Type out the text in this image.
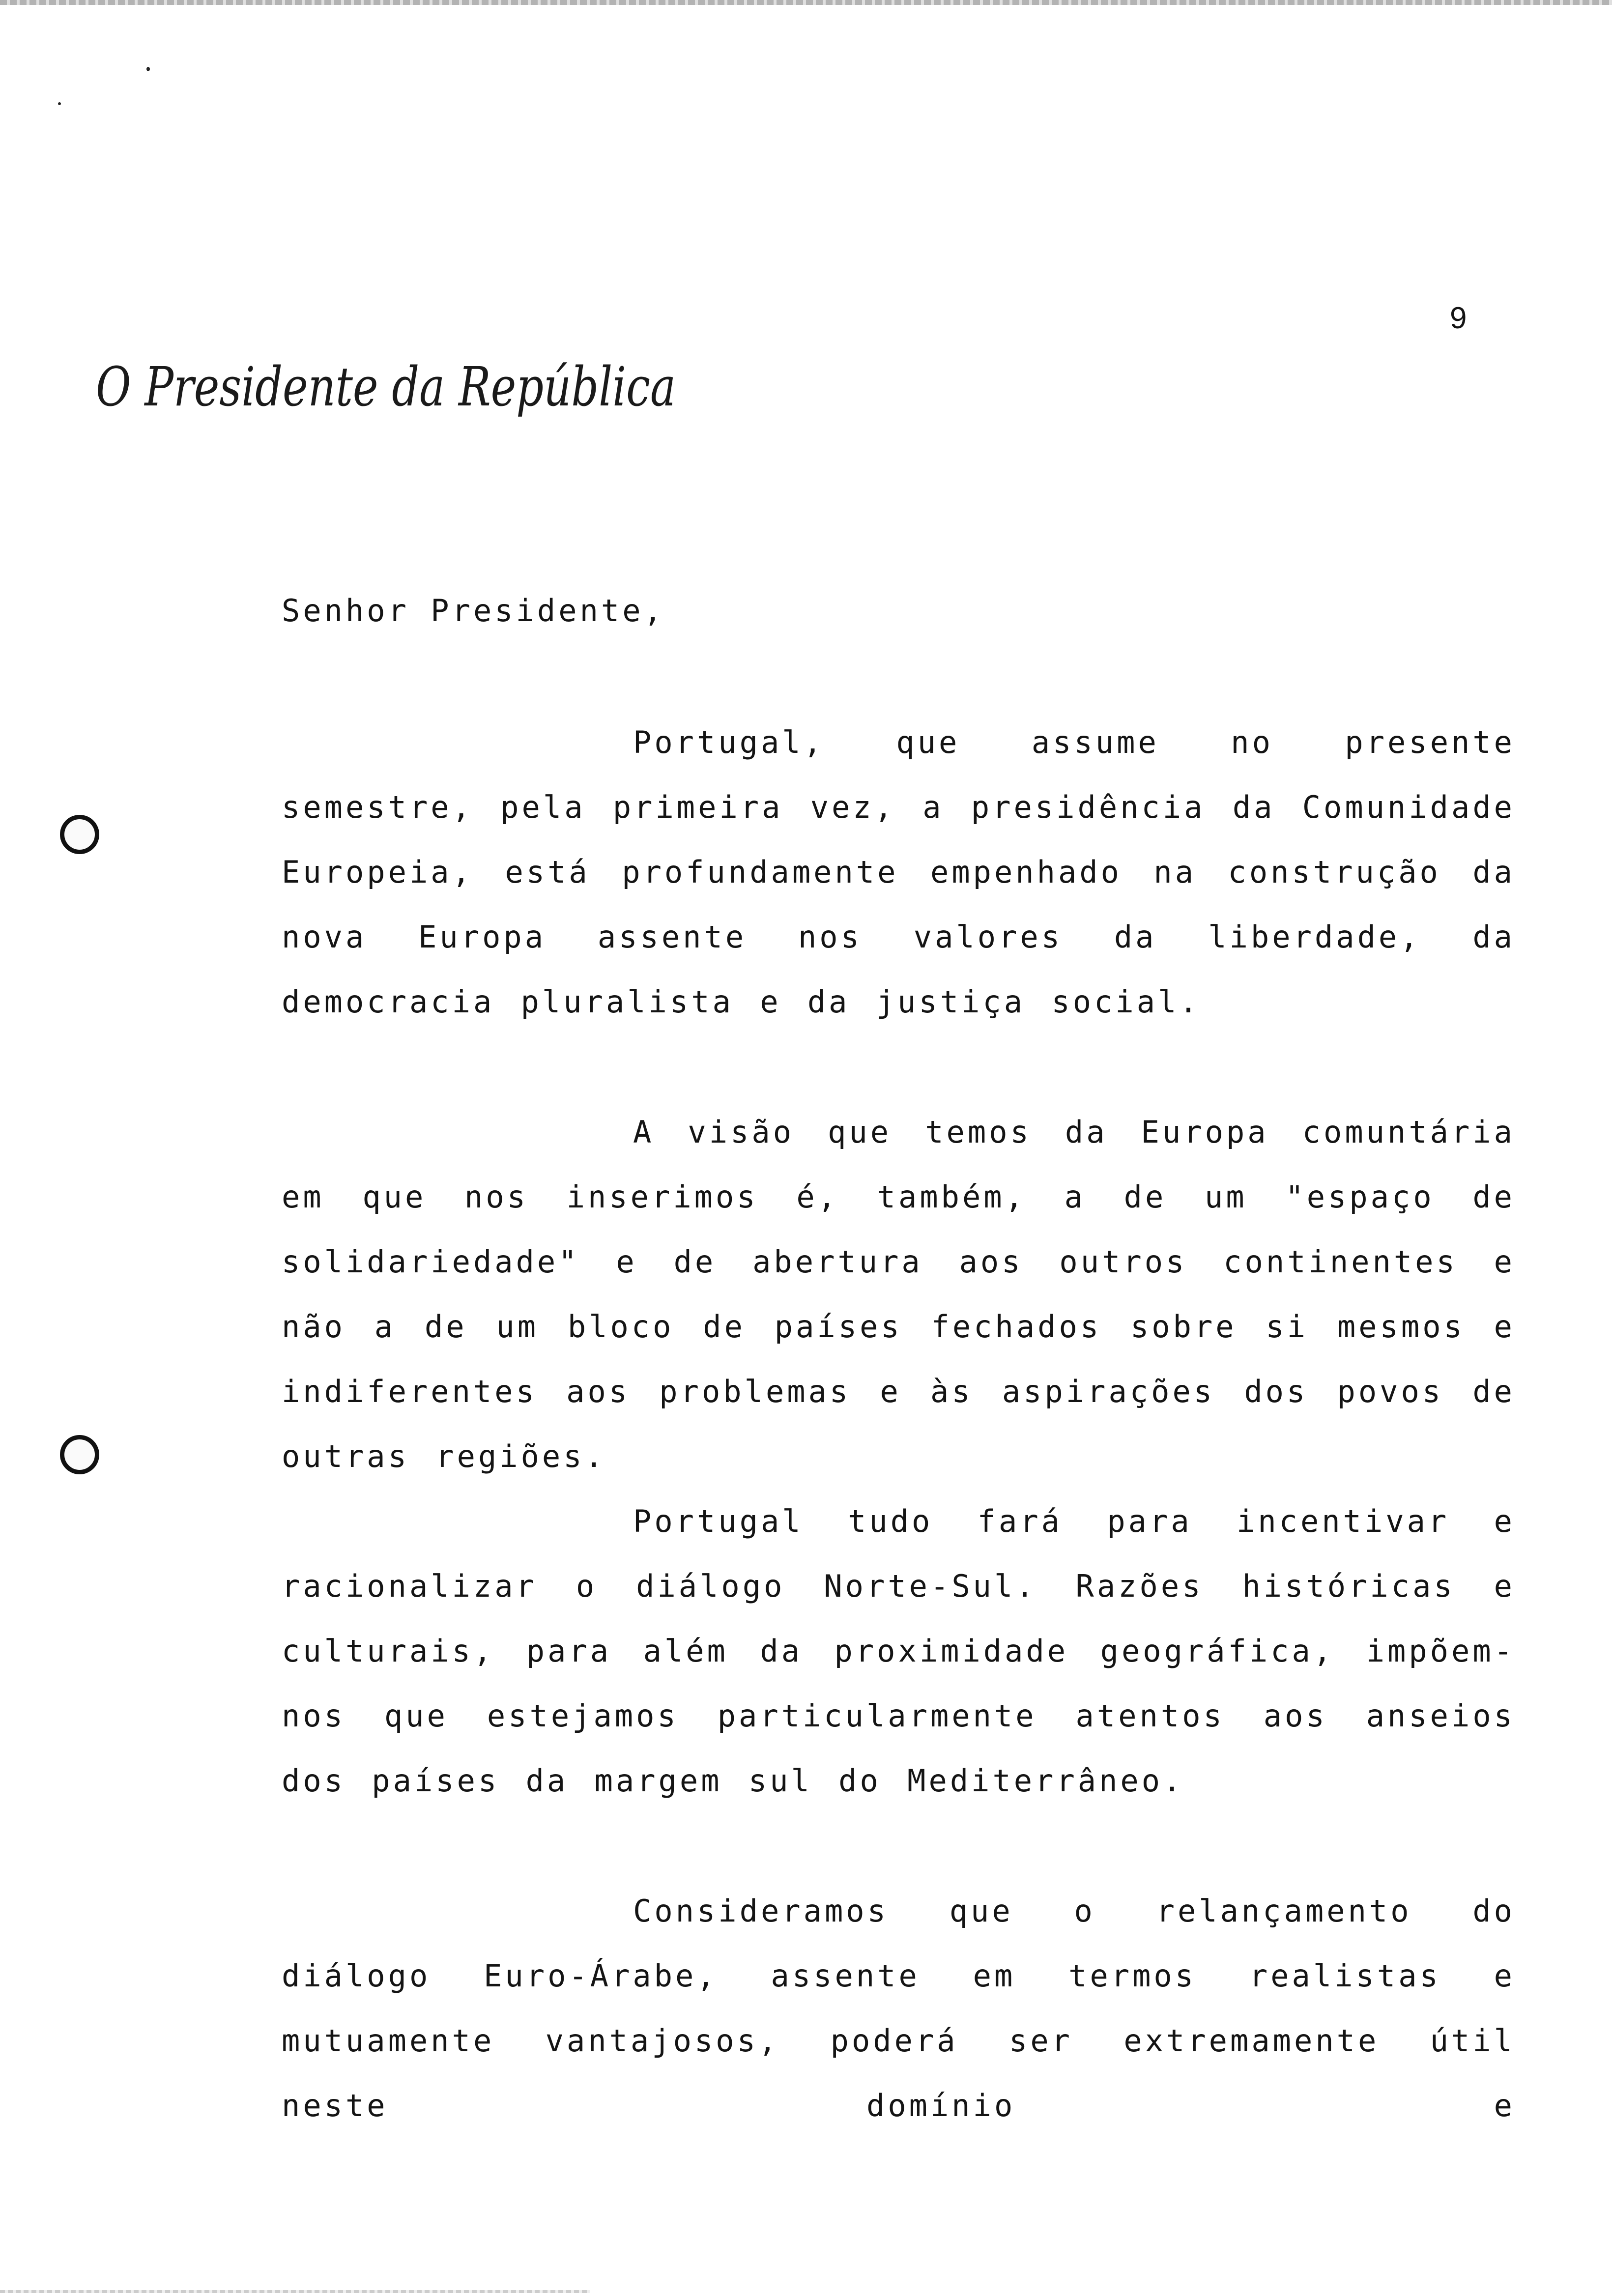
9
O Presidente da República
Senhor Presidente,

Portugal, que assume no presente semestre, pela primeira vez, a presidência da Comunidade Europeia, está profundamente empenhado na construção da nova Europa assente nos valores da liberdade, da democracia pluralista e da justiça social.

A visão que temos da Europa comuntária em que nos inserimos é, também, a de um "espaço de solidariedade" e de abertura aos outros continentes e não a de um bloco de países fechados sobre si mesmos e indiferentes aos problemas e às aspirações dos povos de outras regiões.

Portugal tudo fará para incentivar e racionalizar o diálogo Norte-Sul. Razões históricas e culturais, para além da proximidade geográfica, impõem-nos que estejamos particularmente atentos aos anseios dos países da margem sul do Mediterrâneo.

Consideramos que o relançamento do diálogo Euro-Árabe, assente em termos realistas e mutuamente vantajosos, poderá ser extremamente útil neste domínio e
